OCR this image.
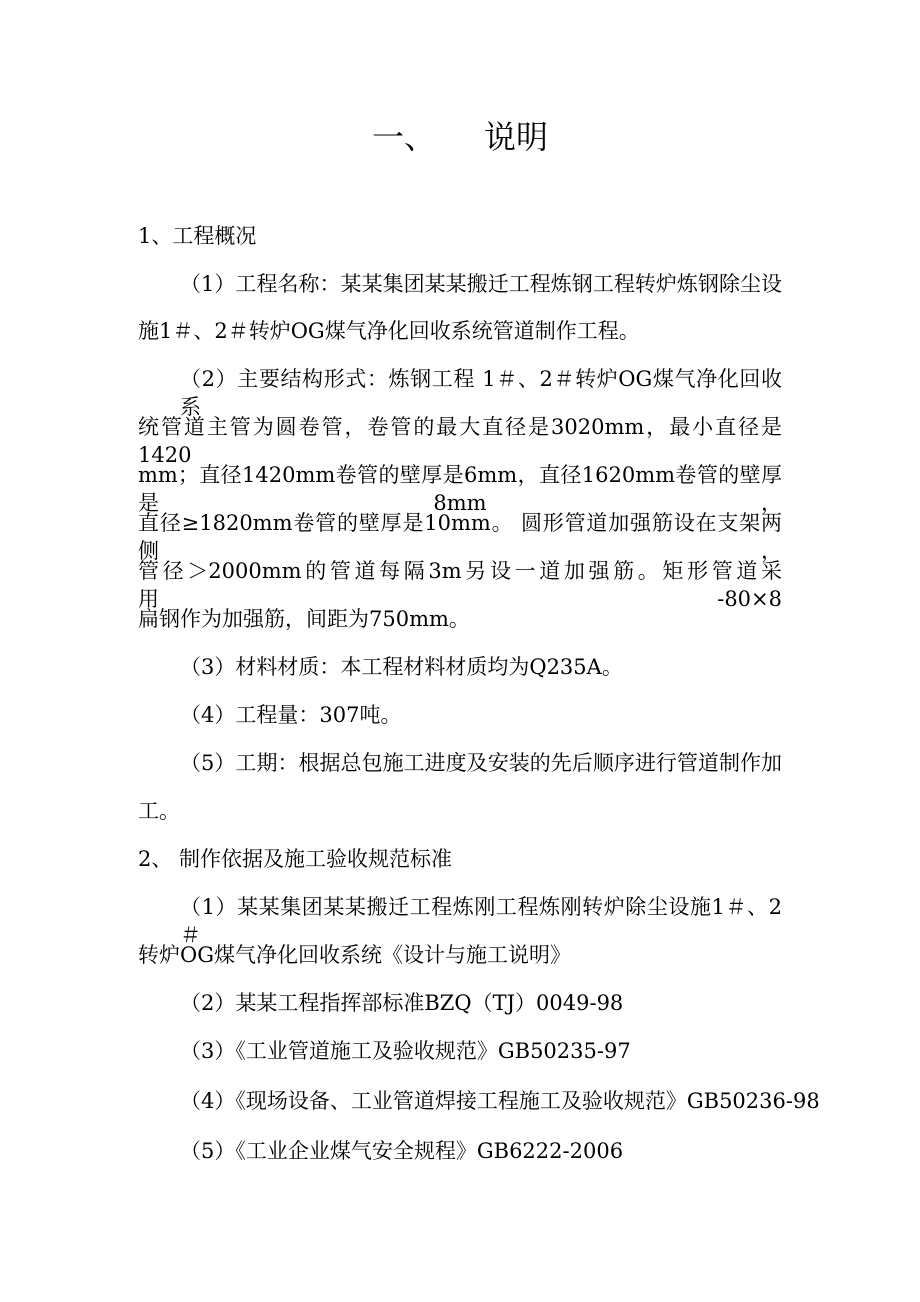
一、 说明
1、工程概况
（1）工程名称：某某集团某某搬迁工程炼钢工程转炉炼钢除尘设
施1＃、2＃转炉OG煤气净化回收系统管道制作工程。
（2）主要结构形式：炼钢工程 1＃、2＃转炉OG煤气净化回收系
统管道主管为圆卷管，卷管的最大直径是3020mm，最小直径是1420
mm；直径1420mm卷管的壁厚是6mm，直径1620mm卷管的壁厚是8mm，
直径≥1820mm卷管的壁厚是10mm。 圆形管道加强筋设在支架两侧，
管径＞2000mm的管道每隔3m另设一道加强筋。矩形管道采用-80×8
扁钢作为加强筋，间距为750mm。
（3）材料材质：本工程材料材质均为Q235A。
（4）工程量：307吨。
（5）工期：根据总包施工进度及安装的先后顺序进行管道制作加
工。
2、 制作依据及施工验收规范标准
（1）某某集团某某搬迁工程炼刚工程炼刚转炉除尘设施1＃、2＃
转炉OG煤气净化回收系统《设计与施工说明》
（2）某某工程指挥部标准BZQ（TJ）0049-98
（3）《工业管道施工及验收规范》GB50235-97
（4）《现场设备、工业管道焊接工程施工及验收规范》GB50236-98
（5）《工业企业煤气安全规程》GB6222-2006
